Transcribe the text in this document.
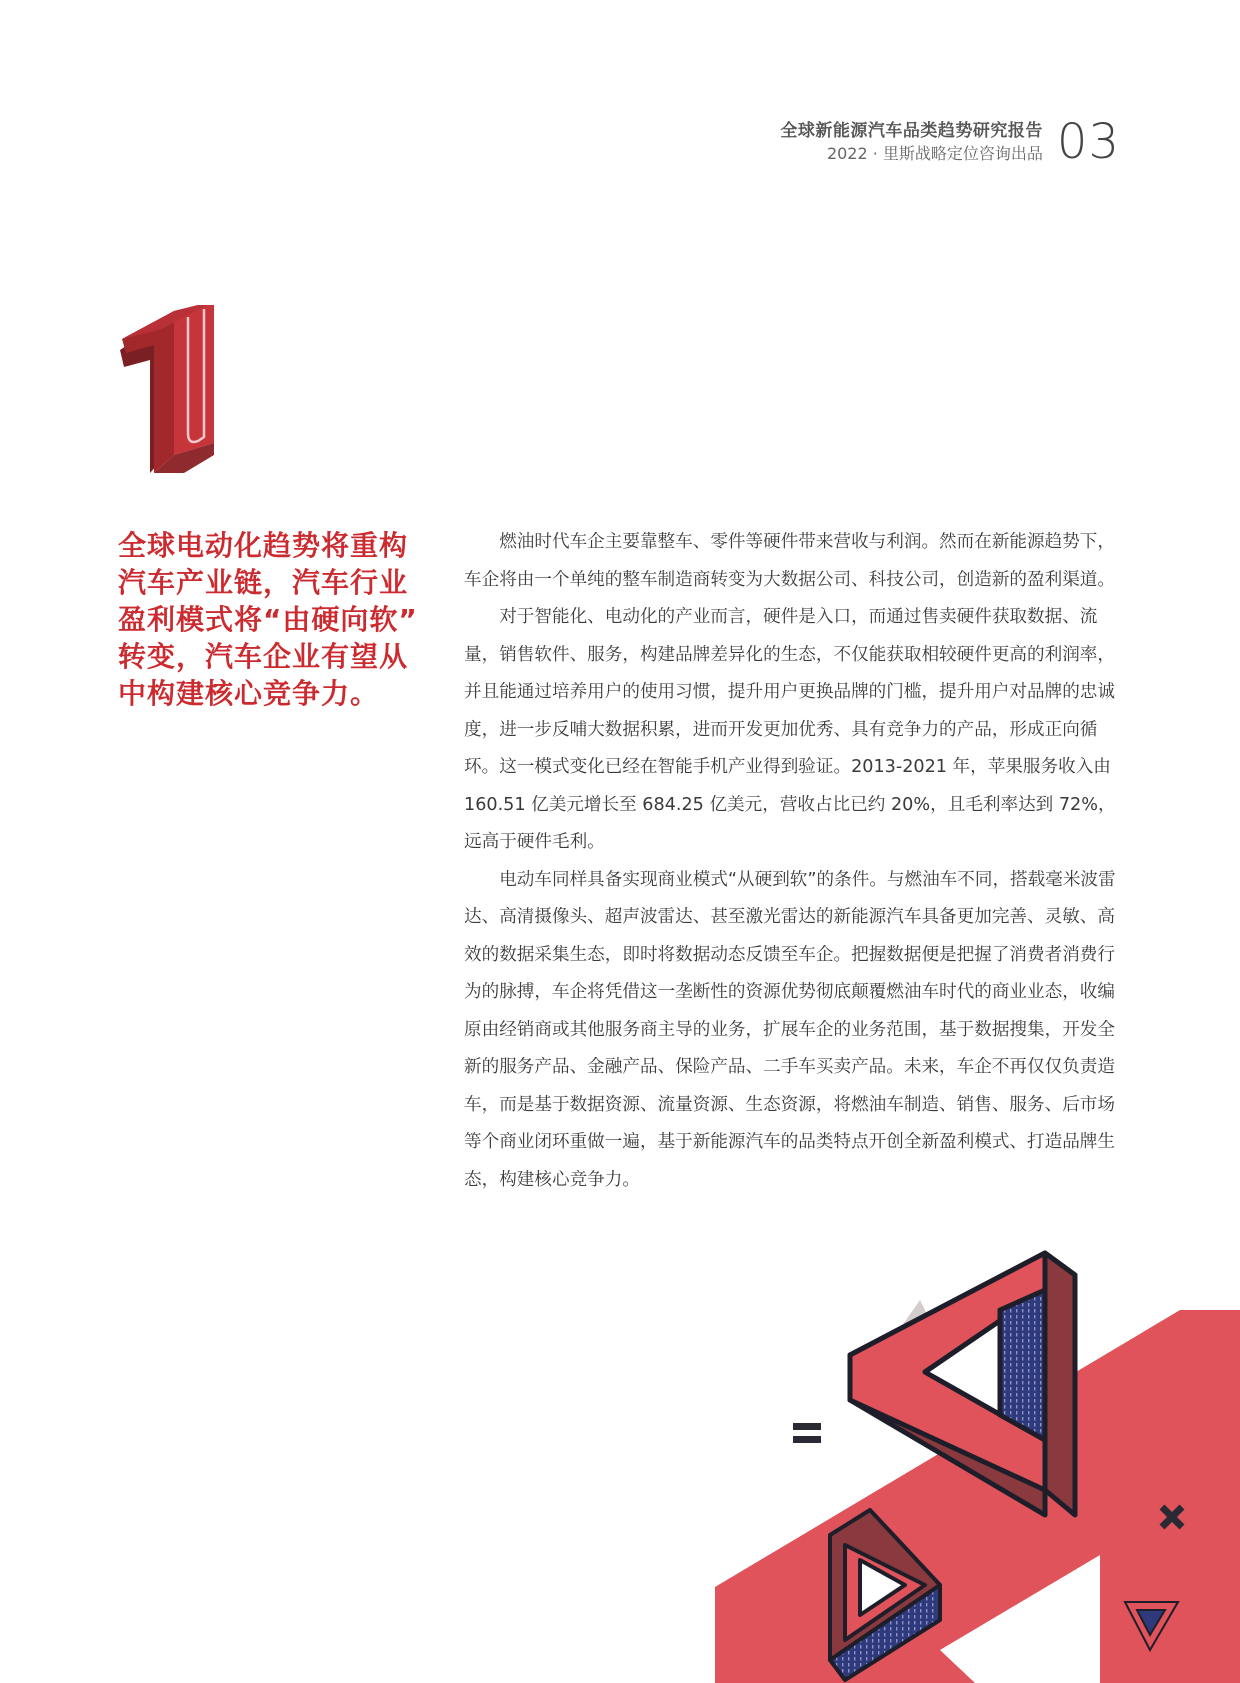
全球新能源汽车品类趋势研究报告
2022 · 里斯战略定位咨询出品 03
1
全球电动化趋势将重构
汽车产业链，汽车行业
盈利模式将“由硬向软”
转变，汽车企业有望从
中构建核心竞争力。

燃油时代车企主要靠整车、零件等硬件带来营收与利润。然而在新能源趋势下，车企将由一个单纯的整车制造商转变为大数据公司、科技公司，创造新的盈利渠道。

对于智能化、电动化的产业而言，硬件是入口，而通过售卖硬件获取数据、流量，销售软件、服务，构建品牌差异化的生态，不仅能获取相较硬件更高的利润率，并且能通过培养用户的使用习惯，提升用户更换品牌的门槛，提升用户对品牌的忠诚度，进一步反哺大数据积累，进而开发更加优秀、具有竞争力的产品，形成正向循环。这一模式变化已经在智能手机产业得到验证。2013-2021 年，苹果服务收入由 160.51 亿美元增长至 684.25 亿美元，营收占比已约 20%，且毛利率达到 72%，远高于硬件毛利。

电动车同样具备实现商业模式“从硬到软”的条件。与燃油车不同，搭载毫米波雷达、高清摄像头、超声波雷达、甚至激光雷达的新能源汽车具备更加完善、灵敏、高效的数据采集生态，即时将数据动态反馈至车企。把握数据便是把握了消费者消费行为的脉搏，车企将凭借这一垄断性的资源优势彻底颠覆燃油车时代的商业业态，收编原由经销商或其他服务商主导的业务，扩展车企的业务范围，基于数据搜集，开发全新的服务产品、金融产品、保险产品、二手车买卖产品。未来，车企不再仅仅负责造车，而是基于数据资源、流量资源、生态资源，将燃油车制造、销售、服务、后市场等个商业闭环重做一遍，基于新能源汽车的品类特点开创全新盈利模式、打造品牌生态，构建核心竞争力。
